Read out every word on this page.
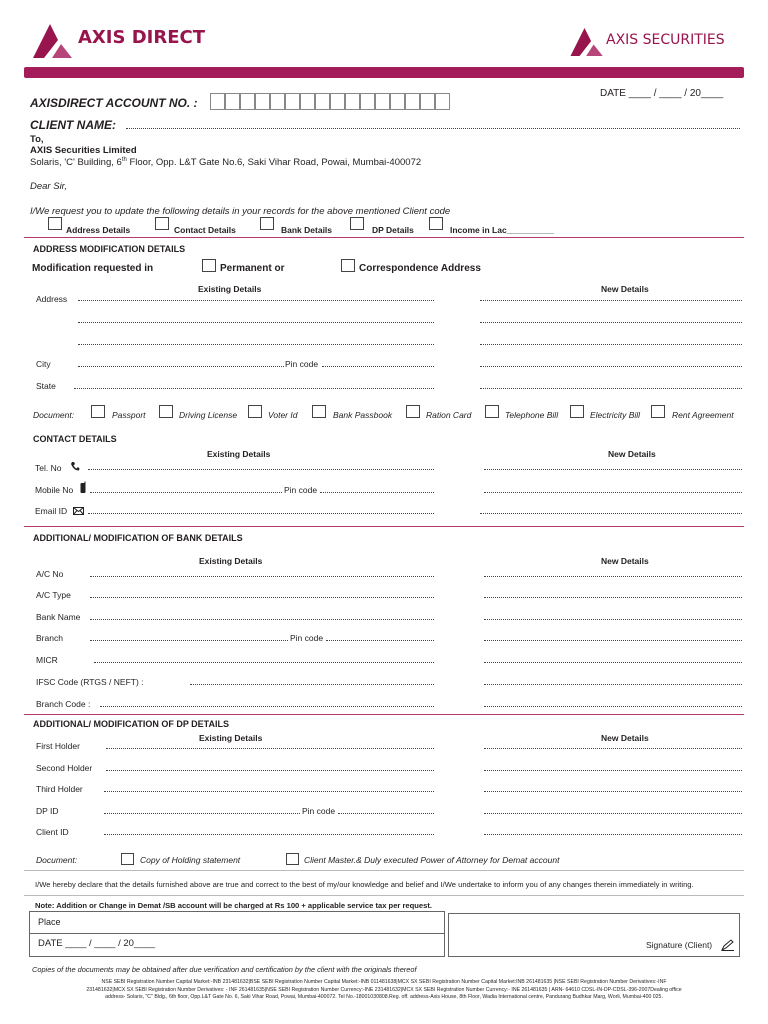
AXIS DIRECT	AXIS SECURITIES
DATE ____ / ____ / 20____
AXISDIRECT ACCOUNT NO. :
CLIENT NAME:
To,
AXIS Securities Limited
Solaris, 'C' Building, 6th Floor, Opp. L&T Gate No.6, Saki Vihar Road, Powai, Mumbai-400072
Dear Sir,
I/We request you to update the following details in your records for the above mentioned Client code
Address Details	Contact Details	Bank Details	DP Details	Income in Lac__________
ADDRESS MODIFICATION DETAILS
Modification requested in	Permanent or	Correspondence Address
Existing Details	New Details
Address
City	Pin code
State
Document:	Passport	Driving License	Voter Id	Bank Passbook	Ration Card	Telephone Bill	Electricity Bill	Rent Agreement
CONTACT DETAILS
Existing Details	New Details
Tel. No
Mobile No	Pin code
Email ID
ADDITIONAL/ MODIFICATION OF BANK DETAILS
Existing Details	New Details
A/C No
A/C Type
Bank Name
Branch	Pin code
MICR
IFSC Code (RTGS / NEFT) :
Branch Code :
ADDITIONAL/ MODIFICATION OF DP DETAILS
Existing Details	New Details
First Holder
Second Holder
Third Holder
DP ID	Pin code
Client ID
Document:	Copy of Holding statement	Client Master.& Duly executed Power of Attorney for Demat account
I/We hereby declare that the details furnished above are true and correct to the best of my/our knowledge and belief and I/We undertake to inform you of any changes therein immediately in writing.
Note: Addition or Change in Demat /SB account will be charged at Rs 100 + applicable service tax per request.
Place
DATE ____ / ____ / 20____	Signature (Client)
Copies of the documents may be obtained after due verification and certification by the client with the originals thereof
NSE SEBI Registration Number Capital Market:-INB 231481632|BSE SEBI Registration Number Capital Market:-INB 011481638|MCX SX SEBI Registration Number Capital Market:INB 261481635 |NSE SEBI Registration Number Derivatives:-INF
231481632|MCX SX SEBI Registration Number Derivatives: - INF 261481635|NSE SEBI Registration Number Currency:-INE 231481632|MCX SX SEBI Registration Number Currency:- INE 261481635 | ARN- 64610 CDSL-IN-DP-CDSL-396-2007Dealing office
address- Solaris, "C" Bldg., 6th floor, Opp.L&T Gate No. 6, Saki Vihar Road, Powai, Mumbai-400072. Tel No.-18001030808.Reg. off. address-Axis House, 8th Floor, Wadia International centre, Pandurang Budhkar Marg, Worli, Mumbai-400 025.
